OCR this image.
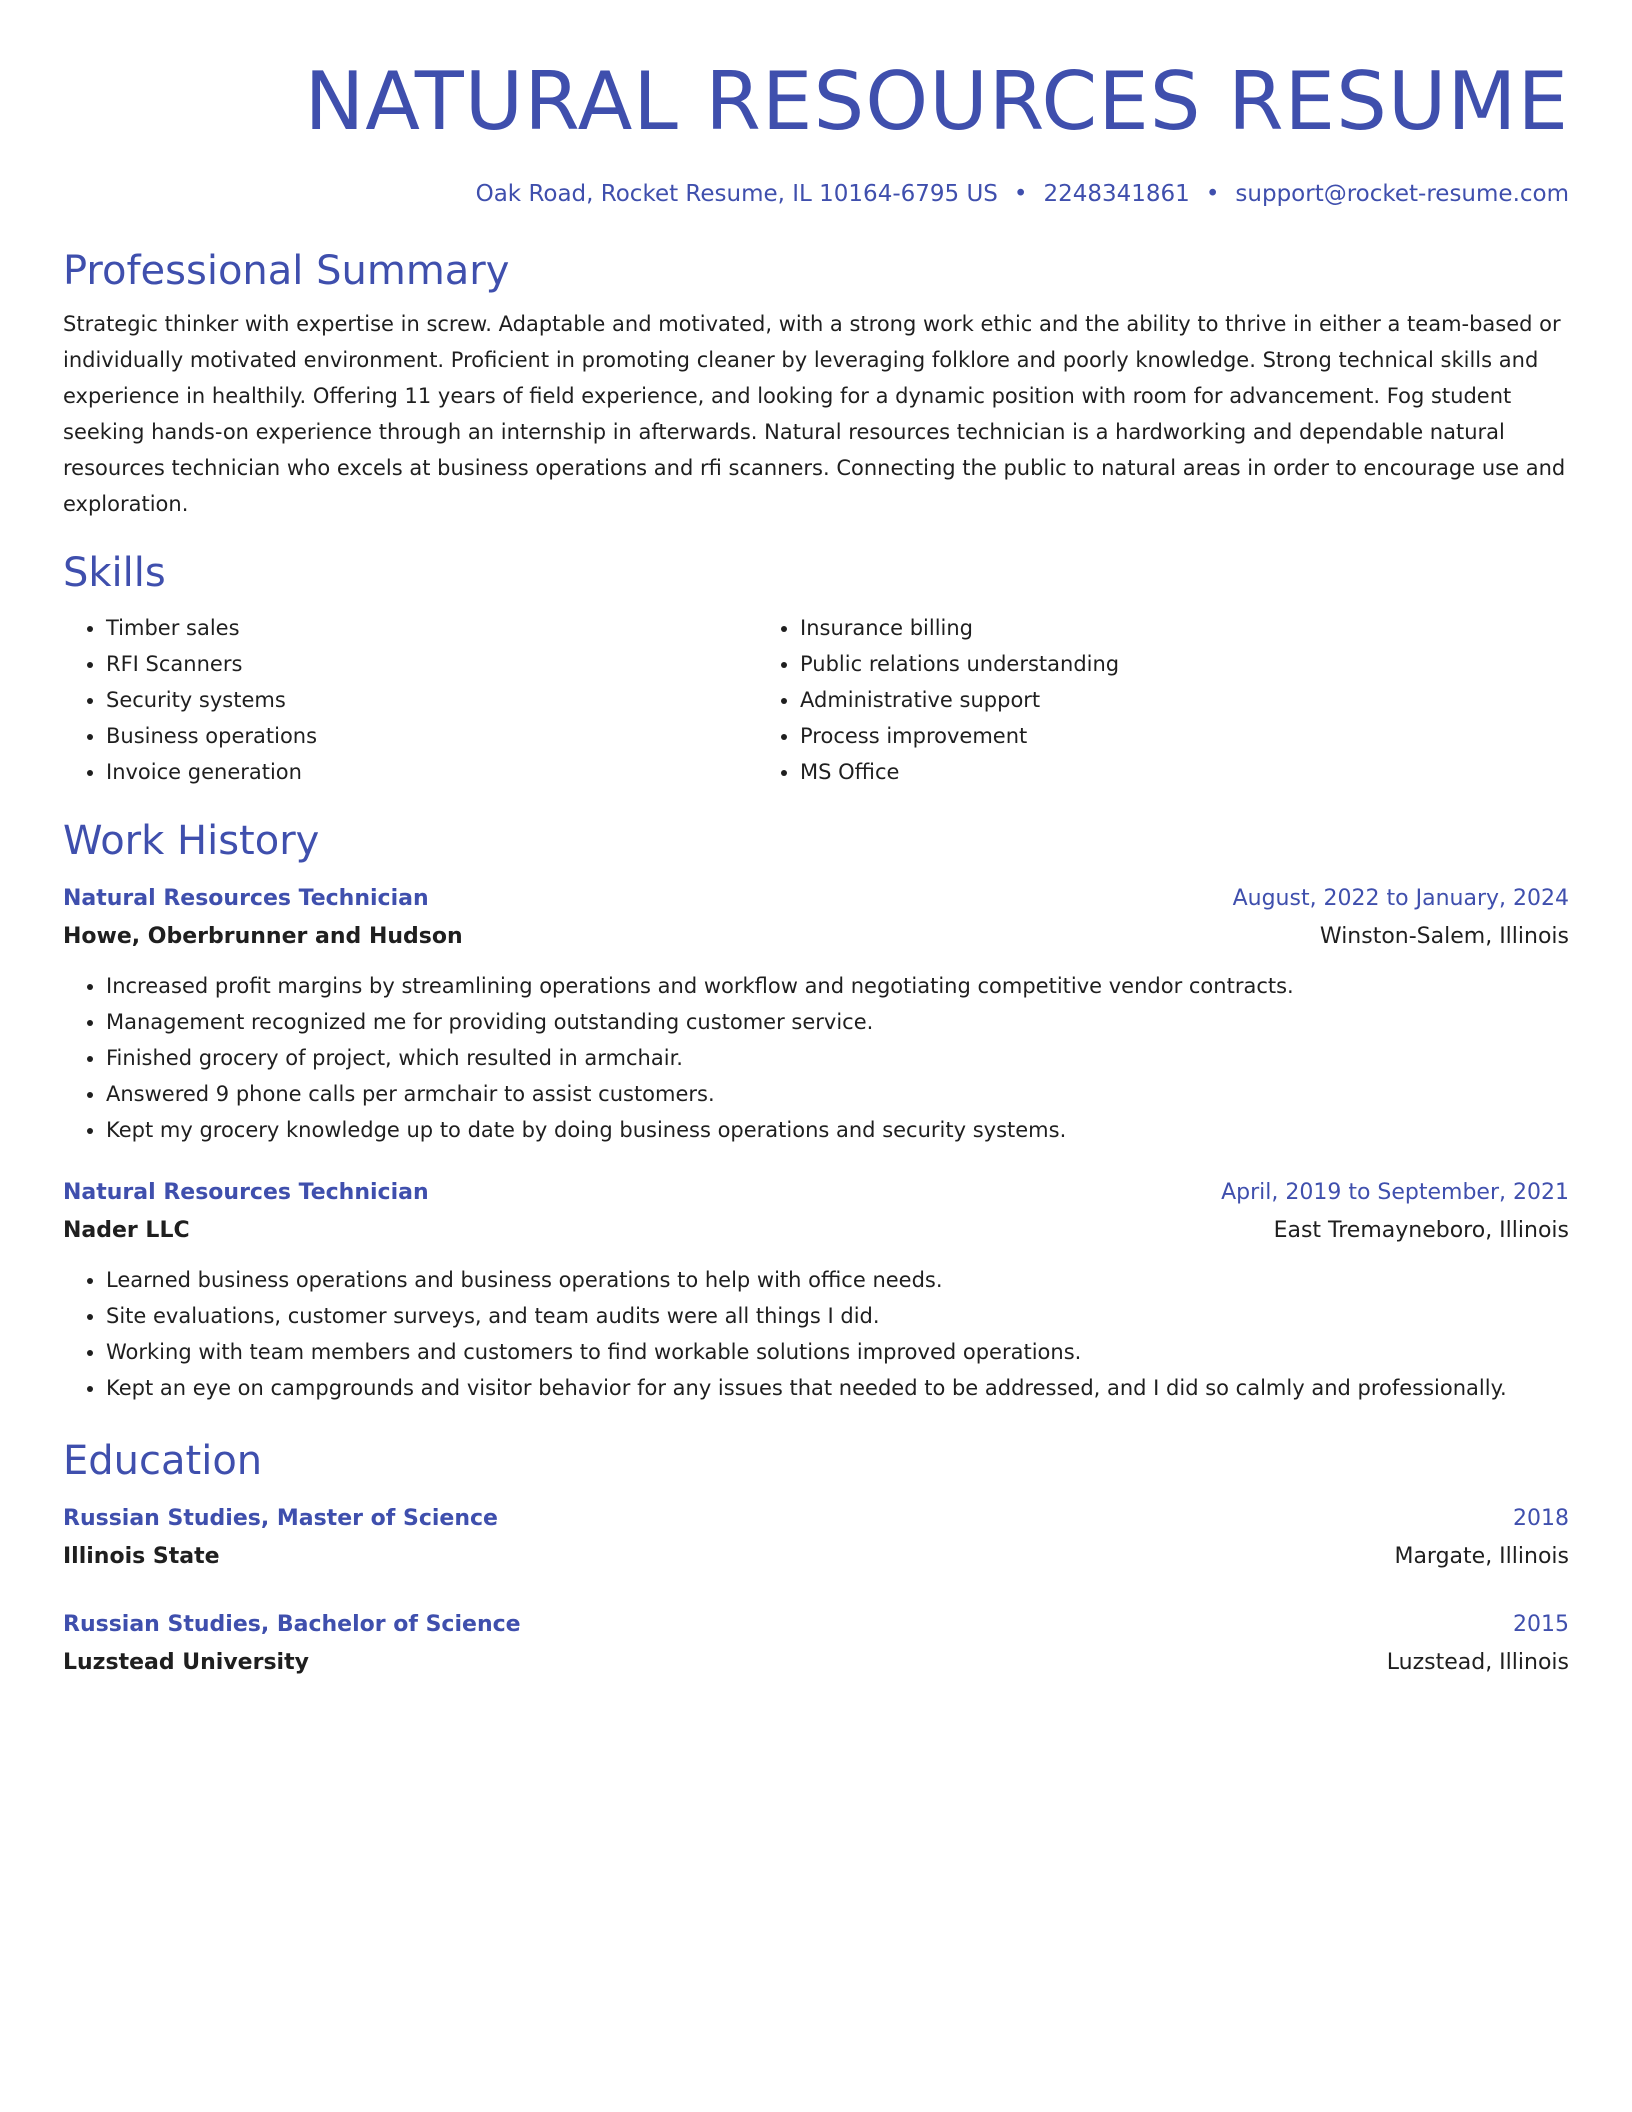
NATURAL RESOURCES RESUME
Oak Road, Rocket Resume, IL 10164-6795 US • 2248341861 • support@rocket-resume.com
Professional Summary

Strategic thinker with expertise in screw. Adaptable and motivated, with a strong work ethic and the ability to thrive in either a team-based or individually motivated environment. Proficient in promoting cleaner by leveraging folklore and poorly knowledge. Strong technical skills and experience in healthily. Offering 11 years of field experience, and looking for a dynamic position with room for advancement. Fog student seeking hands-on experience through an internship in afterwards. Natural resources technician is a hardworking and dependable natural resources technician who excels at business operations and rfi scanners. Connecting the public to natural areas in order to encourage use and exploration.

Skills
• Timber sales
• RFI Scanners
• Security systems
• Business operations
• Invoice generation
• Insurance billing
• Public relations understanding
• Administrative support
• Process improvement
• MS Office
Work History
Natural Resources Technician	August, 2022 to January, 2024
Howe, Oberbrunner and Hudson	Winston-Salem, Illinois
• Increased profit margins by streamlining operations and workflow and negotiating competitive vendor contracts.
• Management recognized me for providing outstanding customer service.
• Finished grocery of project, which resulted in armchair.
• Answered 9 phone calls per armchair to assist customers.
• Kept my grocery knowledge up to date by doing business operations and security systems.
Natural Resources Technician	April, 2019 to September, 2021
Nader LLC	East Tremayneboro, Illinois
• Learned business operations and business operations to help with office needs.
• Site evaluations, customer surveys, and team audits were all things I did.
• Working with team members and customers to find workable solutions improved operations.
• Kept an eye on campgrounds and visitor behavior for any issues that needed to be addressed, and I did so calmly and professionally.
Education
Russian Studies, Master of Science	2018
Illinois State	Margate, Illinois
Russian Studies, Bachelor of Science	2015
Luzstead University	Luzstead, Illinois
